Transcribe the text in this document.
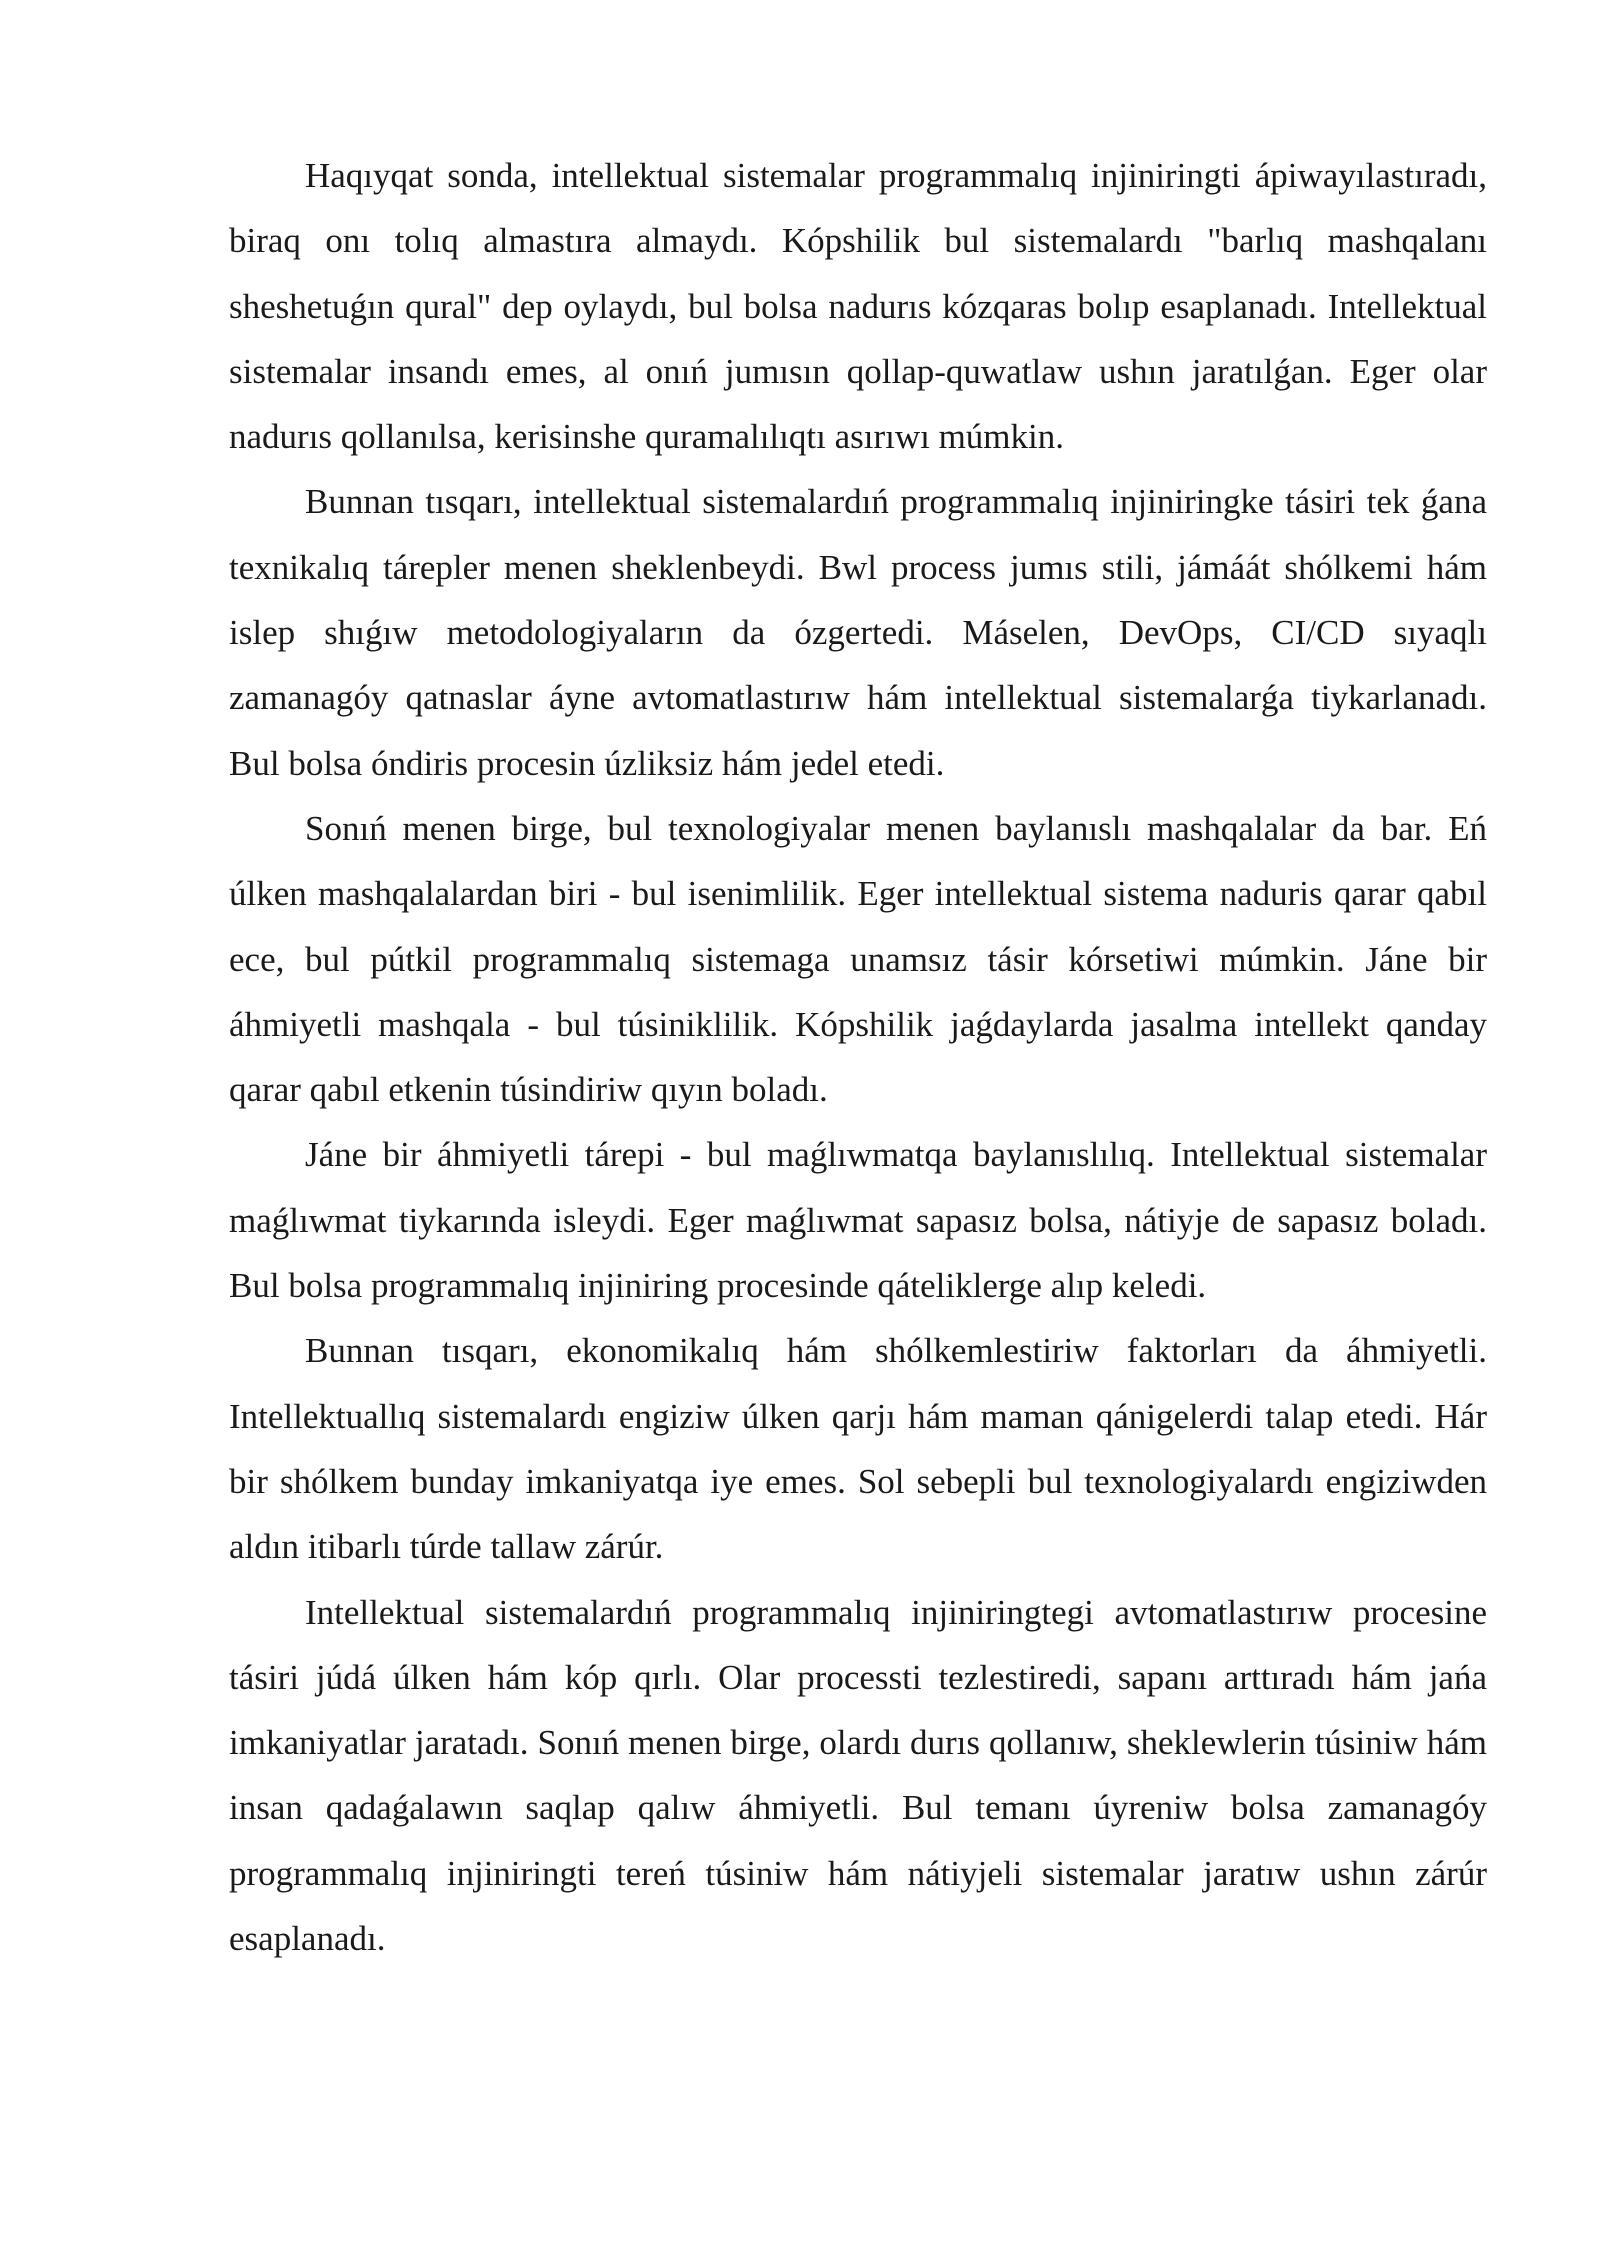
Haqıyqat sonda, intellektual sistemalar programmalıq injiniringti ápiwayılastıradı, biraq onı tolıq almastıra almaydı. Kópshilik bul sistemalardı "barlıq mashqalanı sheshetuǵın qural" dep oylaydı, bul bolsa nadurıs kózqaras bolıp esaplanadı. Intellektual sistemalar insandı emes, al onıń jumısın qollap-quwatlaw ushın jaratılǵan. Eger olar nadurıs qollanılsa, kerisinshe quramalılıqtı asırıwı múmkin.

Bunnan tısqarı, intellektual sistemalardıń programmalıq injiniringke tásiri tek ǵana texnikalıq tárepler menen sheklenbeydi. Bwl process jumıs stili, jámáát shólkemi hám islep shıǵıw metodologiyaların da ózgertedi. Máselen, DevOps, CI/CD sıyaqlı zamanagóy qatnaslar áyne avtomatlastırıw hám intellektual sistemalarǵa tiykarlanadı. Bul bolsa óndiris procesin úzliksiz hám jedel etedi.

Sonıń menen birge, bul texnologiyalar menen baylanıslı mashqalalar da bar. Eń úlken mashqalalardan biri - bul isenimlilik. Eger intellektual sistema naduris qarar qabıl ece, bul pútkil programmalıq sistemaga unamsız tásir kórsetiwi múmkin. Jáne bir áhmiyetli mashqala - bul túsiniklilik. Kópshilik jaǵdaylarda jasalma intellekt qanday qarar qabıl etkenin túsindiriw qıyın boladı.

Jáne bir áhmiyetli tárepi - bul maǵlıwmatqa baylanıslılıq. Intellektual sistemalar maǵlıwmat tiykarında isleydi. Eger maǵlıwmat sapasız bolsa, nátiyje de sapasız boladı. Bul bolsa programmalıq injiniring procesinde qáteliklerge alıp keledi.

Bunnan tısqarı, ekonomikalıq hám shólkemlestiriw faktorları da áhmiyetli. Intellektuallıq sistemalardı engiziw úlken qarjı hám maman qánigelerdi talap etedi. Hár bir shólkem bunday imkaniyatqa iye emes. Sol sebepli bul texnologiyalardı engiziwden aldın itibarlı túrde tallaw zárúr.

Intellektual sistemalardıń programmalıq injiniringtegi avtomatlastırıw procesine tásiri júdá úlken hám kóp qırlı. Olar processti tezlestiredi, sapanı arttıradı hám jańa imkaniyatlar jaratadı. Sonıń menen birge, olardı durıs qollanıw, sheklewlerin túsiniw hám insan qadaǵalawın saqlap qalıw áhmiyetli. Bul temanı úyreniw bolsa zamanagóy programmalıq injiniringti tereń túsiniw hám nátiyjeli sistemalar jaratıw ushın zárúr esaplanadı.
